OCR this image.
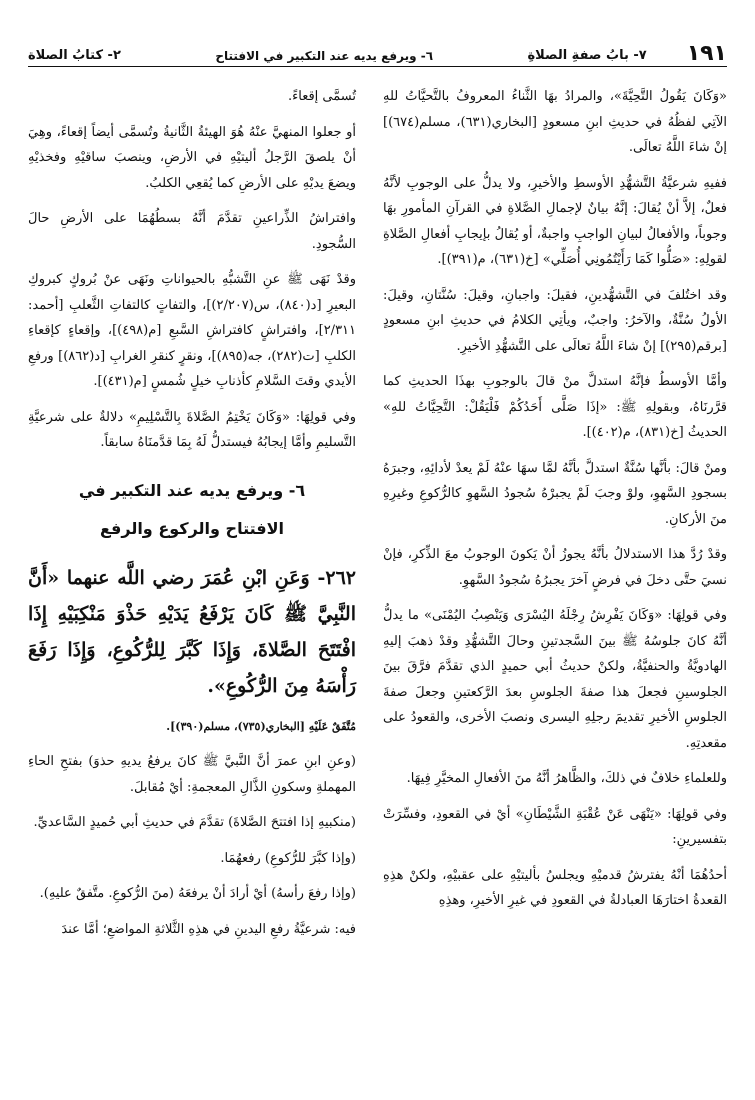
١٩١
٧- بابُ صفةِ الصلاةِ
٦- ويرفع يديه عند التكبير في الافتتاح
٢- كتابُ الصلاة

«وَكَانَ يَقُولُ التَّحِيَّةَ»، والمرادُ بهَا الثَّناءُ المعروفُ بالتَّحيَّاتُ للهِ الآتِي لفظُهُ في حديثِ ابنِ مسعودٍ [البخاري(٦٣١)، مسلم(٦٧٤)] إنْ شاءَ اللَّهُ تعالَى.

ففيهِ شرعيَّةُ التَّشهُّدِ الأوسطِ والأخيرِ، ولا يدلُّ على الوجوبِ لأنَّهُ فعلٌ، إلاَّ أنْ يُقالَ: إنَّهُ بيانٌ لإجمالِ الصَّلاةِ في القرآنِ المأمورِ بهَا وجوباً، والأفعالُ لبيانِ الواجبِ واجبةٌ، أو يُقالُ بإيجابِ أفعالِ الصَّلاةِ لقولِهِ: «صَلُّوا كَمَا رَأَيْتُمُونِي أُصَلِّي» [خ(٦٣١)، م(٣٩١)].

وقد اختُلفَ في التَّشهُّدينِ، فقيلَ: واجبانِ، وقيلَ: سُنَّتانِ، وقيلَ: الأولُ سُنَّةٌ، والآخرُ: واجبٌ، ويأتِي الكلامُ في حديثِ ابنِ مسعودٍ [برقم(٢٩٥)] إنْ شاءَ اللَّهُ تعالَى على التَّشهُّدِ الأخيرِ.

وأمَّا الأوسطُ فإنَّهُ استدلَّ منْ قالَ بالوجوبِ بهذَا الحديثِ كما قرَّرنَاهُ، وبقولِهِ ﷺ: «إذَا صَلَّى أَحَدُكُمْ فَلْيَقُلْ: التَّحِيَّاتُ للهِ» الحديثُ [خ(٨٣١)، م(٤٠٢)].

ومنْ قالَ: بأنَّها سُنَّةٌ استدلَّ بأنَّهُ لمَّا سهَا عنْهُ لَمْ يعدْ لأدائِهِ، وجبرَهُ بسجودِ السَّهوِ، ولوْ وجبَ لَمْ يجبرْهُ سُجودُ السَّهوِ كالرُّكوعِ وغيرِهِ منَ الأركانِ.

وقدْ رُدَّ هذا الاستدلالُ بأنَّهُ يجوزُ أنْ يَكونَ الوجوبُ معَ الذِّكرِ، فإنْ نسيَ حتَّى دخلَ في فرضٍ آخرَ يجبرُهُ سُجودُ السَّهوِ.

وفي قولِهَا: «وَكَانَ يَفْرِشُ رِجْلَهُ اليُسْرَى وَيَنْصِبُ اليُمْنَى» ما يدلُّ أنَّهُ كانَ جلوسُهُ ﷺ بينَ السَّجدتينِ وحالَ التَّشهُّدِ وقدْ ذهبَ إليهِ الهادويَّةُ والحنفيَّةُ، ولكنْ حديثُ أبي حميدٍ الذي تقدَّمَ فرَّقَ بينَ الجلوسينِ فجعلَ هذا صفةَ الجلوسِ بعدَ الرَّكعتينِ وجعلَ صفةَ الجلوسِ الأخيرِ تقديمَ رجلِهِ اليسرى ونصبَ الأخرى، والقعودُ على مقعدتِهِ.

وللعلماءِ خلافٌ في ذلكَ، والظَّاهرُ أنَّهُ منَ الأفعالِ المخيَّرِ فِيهَا.

وفي قولِهَا: «يَنْهَى عَنْ عُقْبَةِ الشَّيْطَانِ» أيْ في القعودِ، وفسِّرَتْ بتفسيرينِ:

أحدُهُمَا أنْهُ يفترشُ قدميْهِ ويجلسُ بأليتيْهِ على عقبيْهِ، ولكنْ هذِهِ القعدةُ اختارَهَا العبادلةُ في القعودِ في غيرِ الأخيرِ، وهذِهِ

تُسمَّى إقعاءً.

أو جعلوا المنهيَّ عنْهُ هُوَ الهيئةُ الثَّانيةُ وتُسمَّى أيضاً إقعاءً، وهِيَ أنْ يلصقَ الرَّجلُ أليتيْهِ في الأرضِ، وينصبَ ساقيْهِ وفخذيْهِ ويضعَ يديْهِ على الأرضِ كما يُقعِي الكلبُ.

وافتراشُ الذِّراعينِ تقدَّمَ أنَّهُ بسطُهُمَا على الأرضِ حالَ السُّجودِ.

وقدْ نَهَى ﷺ عنِ التَّشبُّهِ بالحيواناتِ ونَهَى عنْ بُروكٍ كبروكِ البعيرِ [د(٨٤٠)، س(٢/٢٠٧)]، والتفاتٍ كالتفاتِ الثَّعلبِ [أحمد: ٢/٣١١]، وافتراشٍ كافتراشِ السَّبعِ [م(٤٩٨)]، وإقعاءٍ كإقعاءِ الكلبِ [ت(٢٨٢)، جه(٨٩٥)]، ونقرٍ كنقرِ الغرابِ [د(٨٦٢)] ورفعِ الأيدي وقتَ السَّلامِ كأذنابِ خيلٍ شُمسٍ [م(٤٣١)].

وفي قولِهَا: «وَكَانَ يَخْتِمُ الصَّلاةَ بِالتَّسْلِيمِ» دلالةٌ على شرعيَّةِ التَّسليمِ وأمَّا إيجابُهُ فيستدلُّ لَهُ بِمَا قدَّمنَاهُ سابقاً.

٦- ويرفع يديه عند التكبير في
الافتتاح والركوع والرفع

٢٦٢- وَعَنِ ابْنِ عُمَرَ رضي اللَّه عنهما «أَنَّ النَّبِيَّ ﷺ كَانَ يَرْفَعُ يَدَيْهِ حَذْوَ مَنْكِبَيْهِ إِذَا افْتَتَحَ الصَّلاةَ، وَإِذَا كَبَّرَ لِلرُّكُوعِ، وَإِذَا رَفَعَ رَأْسَهُ مِنَ الرُّكُوعِ».

مُتَّفَقٌ عَلَيْهِ [البخاري(٧٣٥)، مسلم(٣٩٠)].

(وعنِ ابنِ عمرَ أنَّ النَّبيَّ ﷺ كانَ يرفعُ يديهِ حذوَ) بفتحِ الحاءِ المهملةِ وسكونِ الذَّالِ المعجمةِ: أيْ مُقابلَ.

(منكبيهِ إذا افتتحَ الصَّلاةَ) تقدَّمَ في حديثِ أبي حُميدٍ السَّاعديِّ.

(وإذا كبَّرَ للرُّكوعِ) رفعهُمَا.

(وإذا رفعَ رأسهُ) أيْ أرادَ أنْ يرفعَهُ (منَ الرُّكوعِ. متَّفقٌ عليهِ).

فيه: شرعيَّةُ رفعِ اليدينِ في هذِهِ الثَّلاثةِ المواضعِ؛ أمَّا عندَ
